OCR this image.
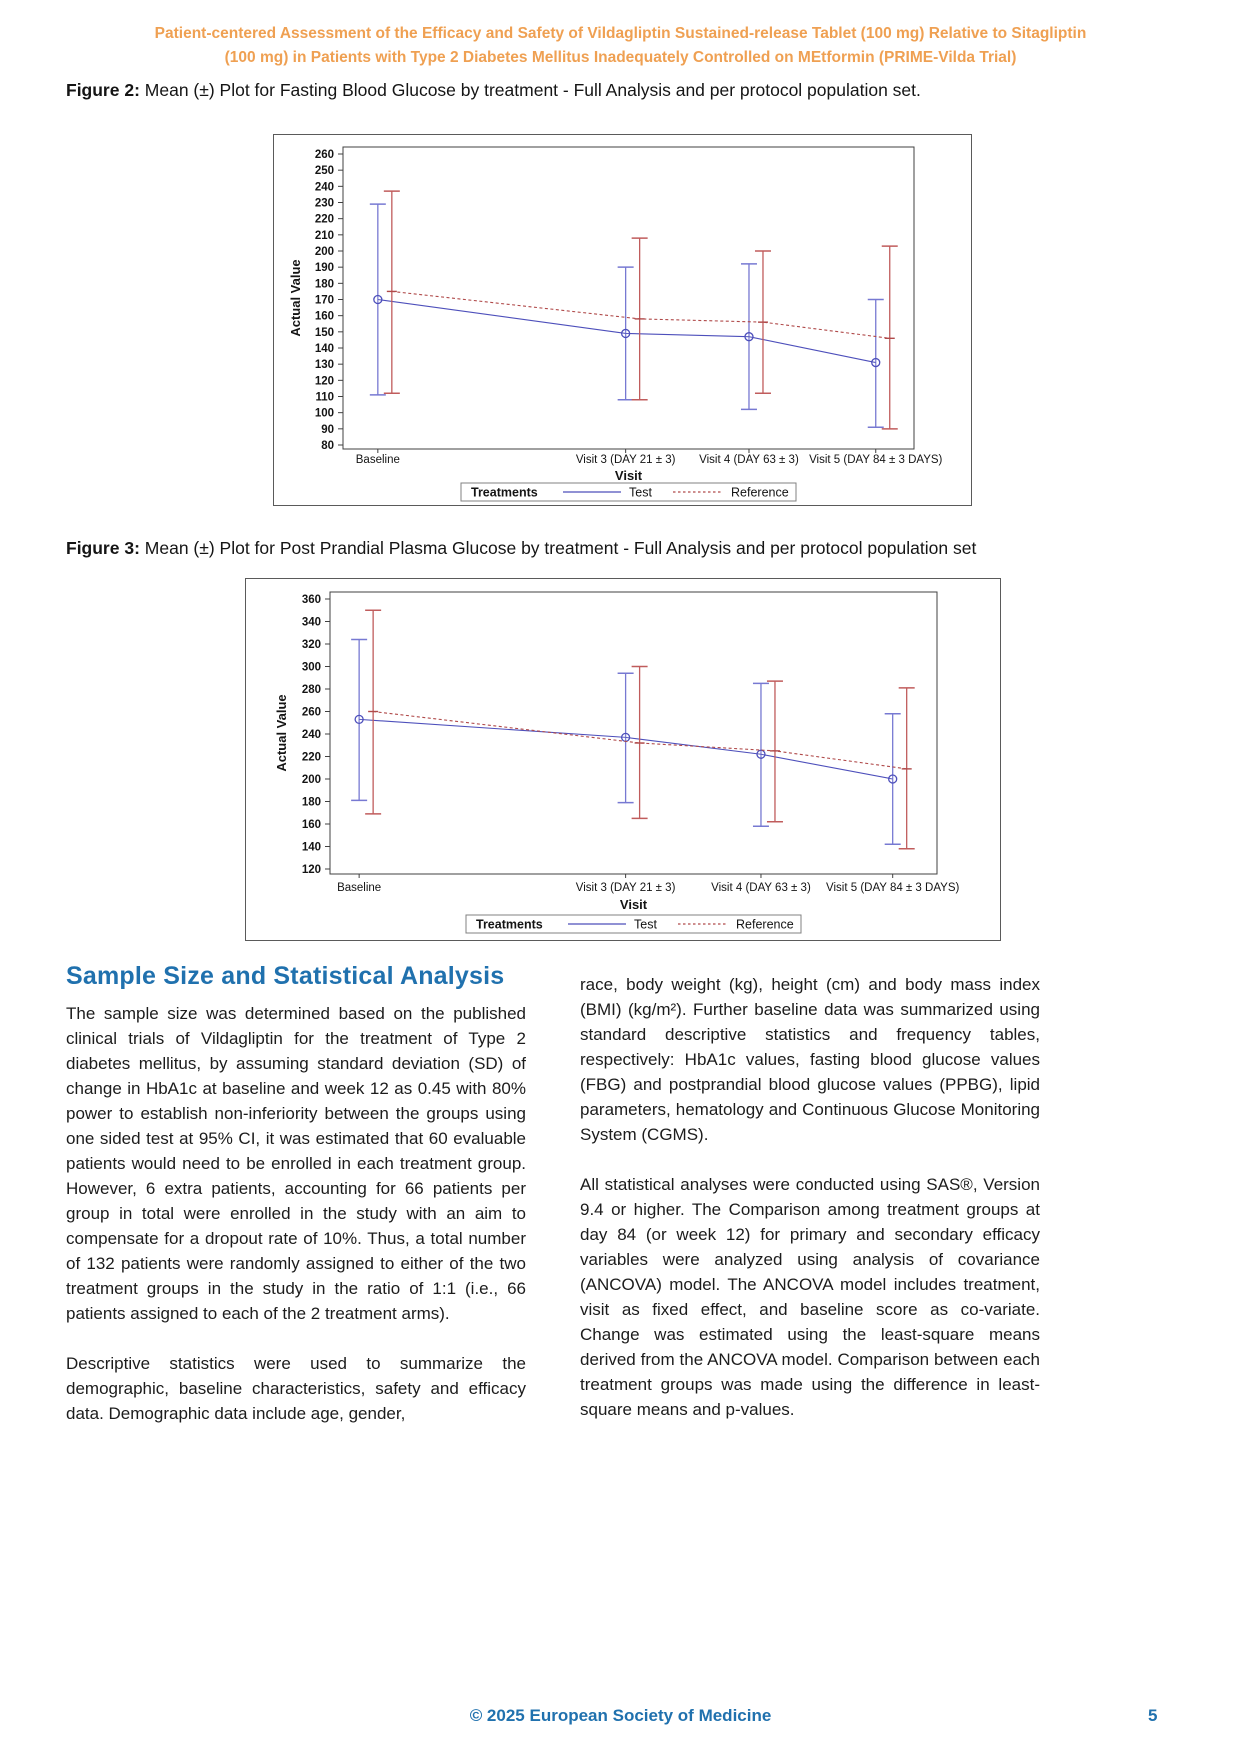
Patient-centered Assessment of the Efficacy and Safety of Vildagliptin Sustained-release Tablet (100 mg) Relative to Sitagliptin
(100 mg) in Patients with Type 2 Diabetes Mellitus Inadequately Controlled on MEtformin (PRIME-Vilda Trial)
Figure 2: Mean (±) Plot for Fasting Blood Glucose by treatment - Full Analysis and per protocol population set.
260
250
240
230
220
210
200
190
180
170
160
150
140
130
120
110
100
90
80
Actual Value
Baseline	Visit 3 (DAY 21 ± 3) Visit 4 (DAY 63 ± 3) Visit 5 (DAY 84 ± 3 DAYS)
Visit
Treatments	Test	Reference
Figure 3: Mean (±) Plot for Post Prandial Plasma Glucose by treatment - Full Analysis and per protocol population set
360
340
320
300
280
260
240
220
200
180
160
140
120
Actual Value
Baseline	Visit 3 (DAY 21 ± 3)	Visit 4 (DAY 63 ± 3) Visit 5 (DAY 84 ± 3 DAYS)
Visit
Treatments	Test	Reference
Sample Size and Statistical Analysis

The sample size was determined based on the published clinical trials of Vildagliptin for the treatment of Type 2 diabetes mellitus, by assuming standard deviation (SD) of change in HbA1c at baseline and week 12 as 0.45 with 80% power to establish non-inferiority between the groups using one sided test at 95% CI, it was estimated that 60 evaluable patients would need to be enrolled in each treatment group. However, 6 extra patients, accounting for 66 patients per group in total were enrolled in the study with an aim to compensate for a dropout rate of 10%. Thus, a total number of 132 patients were randomly assigned to either of the two treatment groups in the study in the ratio of 1:1 (i.e., 66 patients assigned to each of the 2 treatment arms).

Descriptive statistics were used to summarize the demographic, baseline characteristics, safety and efficacy data. Demographic data include age, gender,

race, body weight (kg), height (cm) and body mass index (BMI) (kg/m²). Further baseline data was summarized using standard descriptive statistics and frequency tables, respectively: HbA1c values, fasting blood glucose values (FBG) and postprandial blood glucose values (PPBG), lipid parameters, hematology and Continuous Glucose Monitoring System (CGMS).

All statistical analyses were conducted using SAS®, Version 9.4 or higher. The Comparison among treatment groups at day 84 (or week 12) for primary and secondary efficacy variables were analyzed using analysis of covariance (ANCOVA) model. The ANCOVA model includes treatment, visit as fixed effect, and baseline score as co-variate. Change was estimated using the least-square means derived from the ANCOVA model. Comparison between each treatment groups was made using the difference in least-square means and p-values.

© 2025 European Society of Medicine	5
